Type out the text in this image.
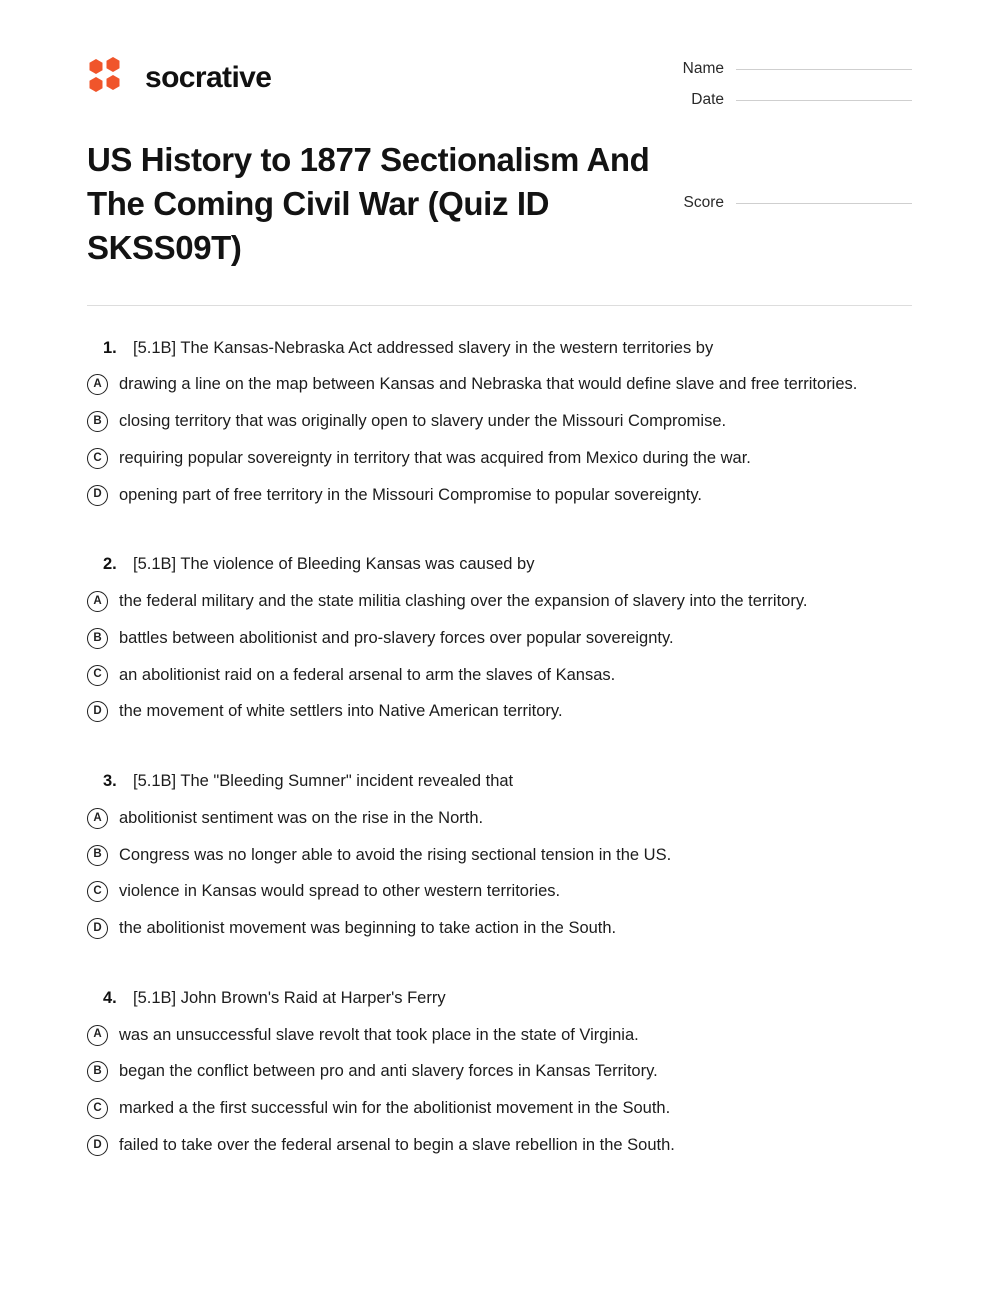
socrative	Name
Date
US History to 1877 Sectionalism And The Coming Civil War (Quiz ID SKSS09T)
Score
1. [5.1B] The Kansas-Nebraska Act addressed slavery in the western territories by
A	drawing a line on the map between Kansas and Nebraska that would define slave and free territories.
B	closing territory that was originally open to slavery under the Missouri Compromise.
C	requiring popular sovereignty in territory that was acquired from Mexico during the war.
D	opening part of free territory in the Missouri Compromise to popular sovereignty.
2. [5.1B] The violence of Bleeding Kansas was caused by
A	the federal military and the state militia clashing over the expansion of slavery into the territory.
B	battles between abolitionist and pro-slavery forces over popular sovereignty.
C	an abolitionist raid on a federal arsenal to arm the slaves of Kansas.
D	the movement of white settlers into Native American territory.
3. [5.1B] The "Bleeding Sumner" incident revealed that
A	abolitionist sentiment was on the rise in the North.
B	Congress was no longer able to avoid the rising sectional tension in the US.
C	violence in Kansas would spread to other western territories.
D	the abolitionist movement was beginning to take action in the South.
4. [5.1B] John Brown's Raid at Harper's Ferry
A	was an unsuccessful slave revolt that took place in the state of Virginia.
B	began the conflict between pro and anti slavery forces in Kansas Territory.
C	marked a the first successful win for the abolitionist movement in the South.
D	failed to take over the federal arsenal to begin a slave rebellion in the South.
